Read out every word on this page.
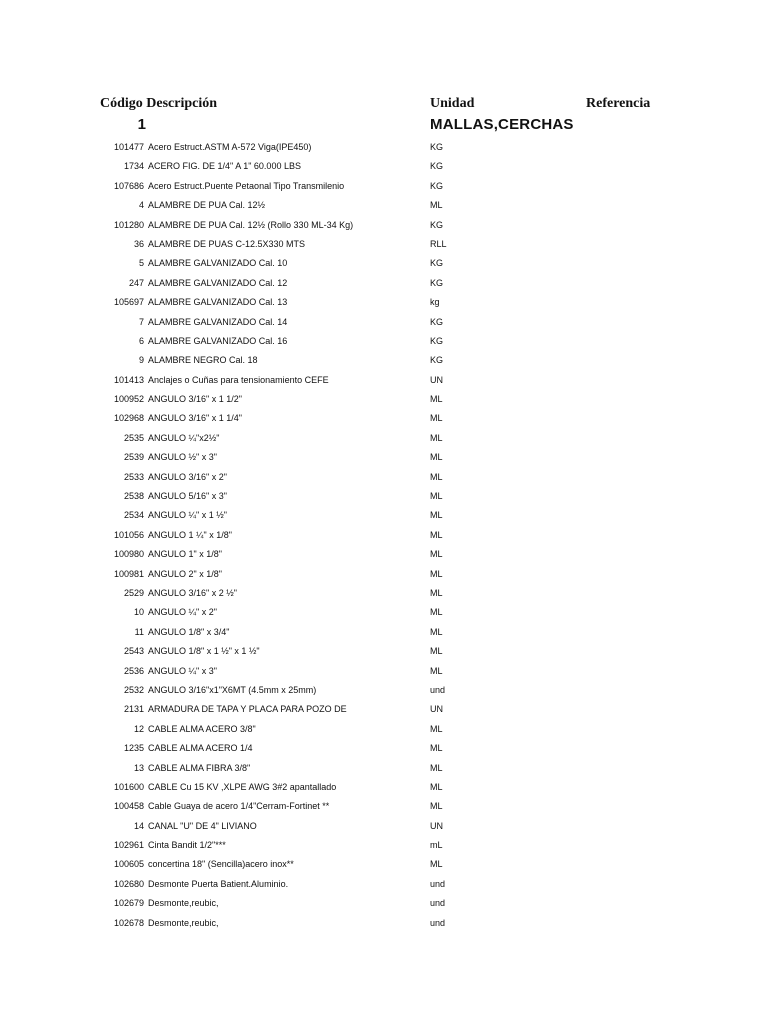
Código Descripción	Unidad	Referencia
1	MALLAS,CERCHAS
101477 Acero Estruct.ASTM A-572 Viga(IPE450)	KG
1734 ACERO FIG. DE 1/4" A 1" 60.000 LBS	KG
107686 Acero Estruct.Puente Petaonal Tipo Transmilenio	KG
4 ALAMBRE DE PUA Cal. 12½	ML
101280 ALAMBRE DE PUA Cal. 12½ (Rollo 330 ML-34 Kg)	KG
36 ALAMBRE DE PUAS C-12.5X330 MTS	RLL
5 ALAMBRE GALVANIZADO Cal. 10	KG
247 ALAMBRE GALVANIZADO Cal. 12	KG
105697 ALAMBRE GALVANIZADO Cal. 13	kg
7 ALAMBRE GALVANIZADO Cal. 14	KG
6 ALAMBRE GALVANIZADO Cal. 16	KG
9 ALAMBRE NEGRO Cal. 18	KG
101413 Anclajes o Cuñas para tensionamiento CEFE	UN
100952 ANGULO 3/16" x 1 1/2"	ML
102968 ANGULO 3/16" x 1 1/4"	ML
2535 ANGULO ¼"x2½"	ML
2539 ANGULO ½" x 3"	ML
2533 ANGULO 3/16" x 2"	ML
2538 ANGULO 5/16" x 3"	ML
2534 ANGULO ¼" x 1 ½"	ML
101056 ANGULO 1 ¼" x 1/8"	ML
100980 ANGULO 1" x 1/8"	ML
100981 ANGULO 2" x 1/8"	ML
2529 ANGULO 3/16" x 2 ½"	ML
10 ANGULO ¼" x 2"	ML
11 ANGULO 1/8" x 3/4"	ML
2543 ANGULO 1/8" x 1 ½" x 1 ½"	ML
2536 ANGULO ¼" x 3"	ML
2532 ANGULO 3/16"x1"X6MT (4.5mm x 25mm)	und
2131 ARMADURA DE TAPA Y PLACA PARA POZO DE	UN
12 CABLE ALMA ACERO 3/8"	ML
1235 CABLE ALMA ACERO 1/4	ML
13 CABLE ALMA FIBRA 3/8"	ML
101600 CABLE Cu 15 KV ,XLPE AWG 3#2 apantallado	ML
100458 Cable Guaya de acero 1/4"Cerram-Fortinet **	ML
14 CANAL "U" DE 4" LIVIANO	UN
102961 Cinta Bandit 1/2"***	mL
100605 concertina 18" (Sencilla)acero inox**	ML
102680 Desmonte Puerta Batient.Aluminio.	und
102679 Desmonte,reubic,	und
102678 Desmonte,reubic,	und
